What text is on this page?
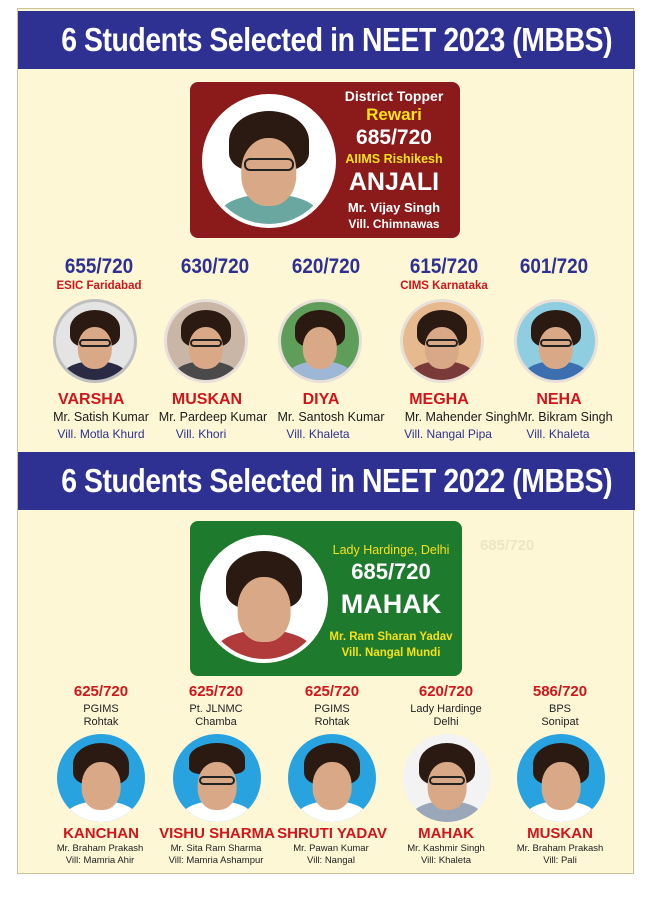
6 Students Selected in NEET 2023 (MBBS)
District Topper
Rewari
685/720
AIIMS Rishikesh
ANJALI
Mr. Vijay Singh
Vill. Chimnawas
655/720
ESIC Faridabad
VARSHA
Mr. Satish Kumar
Vill. Motla Khurd
630/720
MUSKAN
Mr. Pardeep Kumar
Vill. Khori
620/720
DIYA
Mr. Santosh Kumar
Vill. Khaleta
615/720
CIMS Karnataka
MEGHA
Mr. Mahender Singh
Vill. Nangal Pipa
601/720
NEHA
Mr. Bikram Singh
Vill. Khaleta
6 Students Selected in NEET 2022 (MBBS)
Lady Hardinge, Delhi
685/720
MAHAK
Mr. Ram Sharan Yadav
Vill. Nangal Mundi
685/720
625/720
PGIMS
Rohtak
KANCHAN
Mr. Braham Prakash
Vill: Mamria Ahir
625/720
Pt. JLNMC
Chamba
VISHU SHARMA
Mr. Sita Ram Sharma
Vill: Mamria Ashampur
625/720
PGIMS
Rohtak
SHRUTI YADAV
Mr. Pawan Kumar
Vill: Nangal
620/720
Lady Hardinge
Delhi
MAHAK
Mr. Kashmir Singh
Vill: Khaleta
586/720
BPS
Sonipat
MUSKAN
Mr. Braham Prakash
Vill: Pali
